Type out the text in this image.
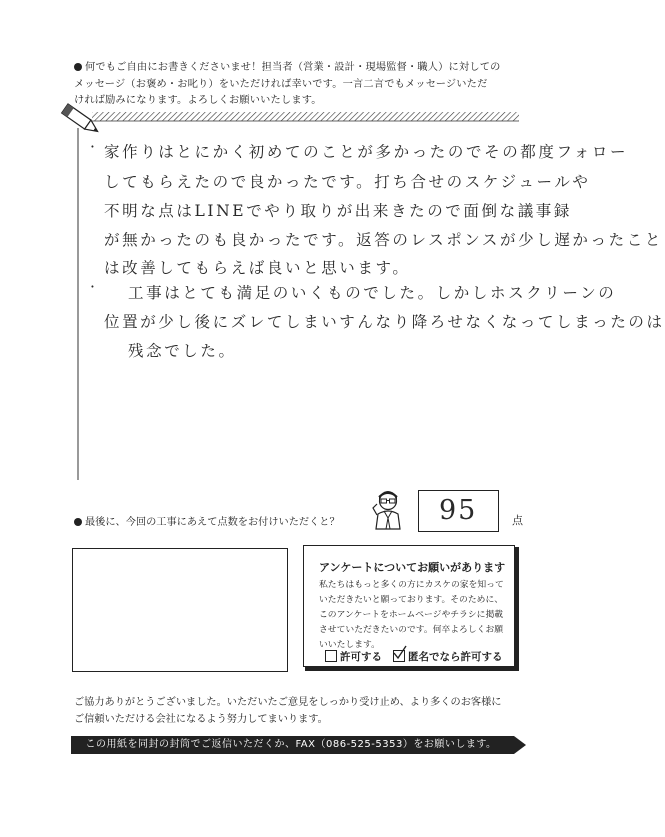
何でもご自由にお書きくださいませ！担当者（営業・設計・現場監督・職人）に対しての
メッセージ（お褒め・お叱り）をいただければ幸いです。一言二言でもメッセージいただ
ければ励みになります。よろしくお願いいたします。
· 家作りはとにかく初めてのことが多かったのでその都度フォロー
してもらえたので良かったです。打ち合せのスケジュールや
不明な点はLINEでやり取りが出来きたので面倒な議事録
が無かったのも良かったです。返答のレスポンスが少し遅かったこと
は改善してもらえば良いと思います。
· 工事はとても満足のいくものでした。しかしホスクリーンの
位置が少し後にズレてしまいすんなり降ろせなくなってしまったのは
残念でした。
最後に、今回の工事にあえて点数をお付けいただくと？	95	点
アンケートについてお願いがあります
私たちはもっと多くの方にカスケの家を知って
いただきたいと願っております。そのために、
このアンケートをホームページやチラシに掲載
させていただきたいのです。何卒よろしくお願
いいたします。
許可する	匿名でなら許可する
ご協力ありがとうございました。いただいたご意見をしっかり受け止め、より多くのお客様に
ご信頼いただける会社になるよう努力してまいります。
この用紙を同封の封筒でご返信いただくか、FAX（086-525-5353）をお願いします。
